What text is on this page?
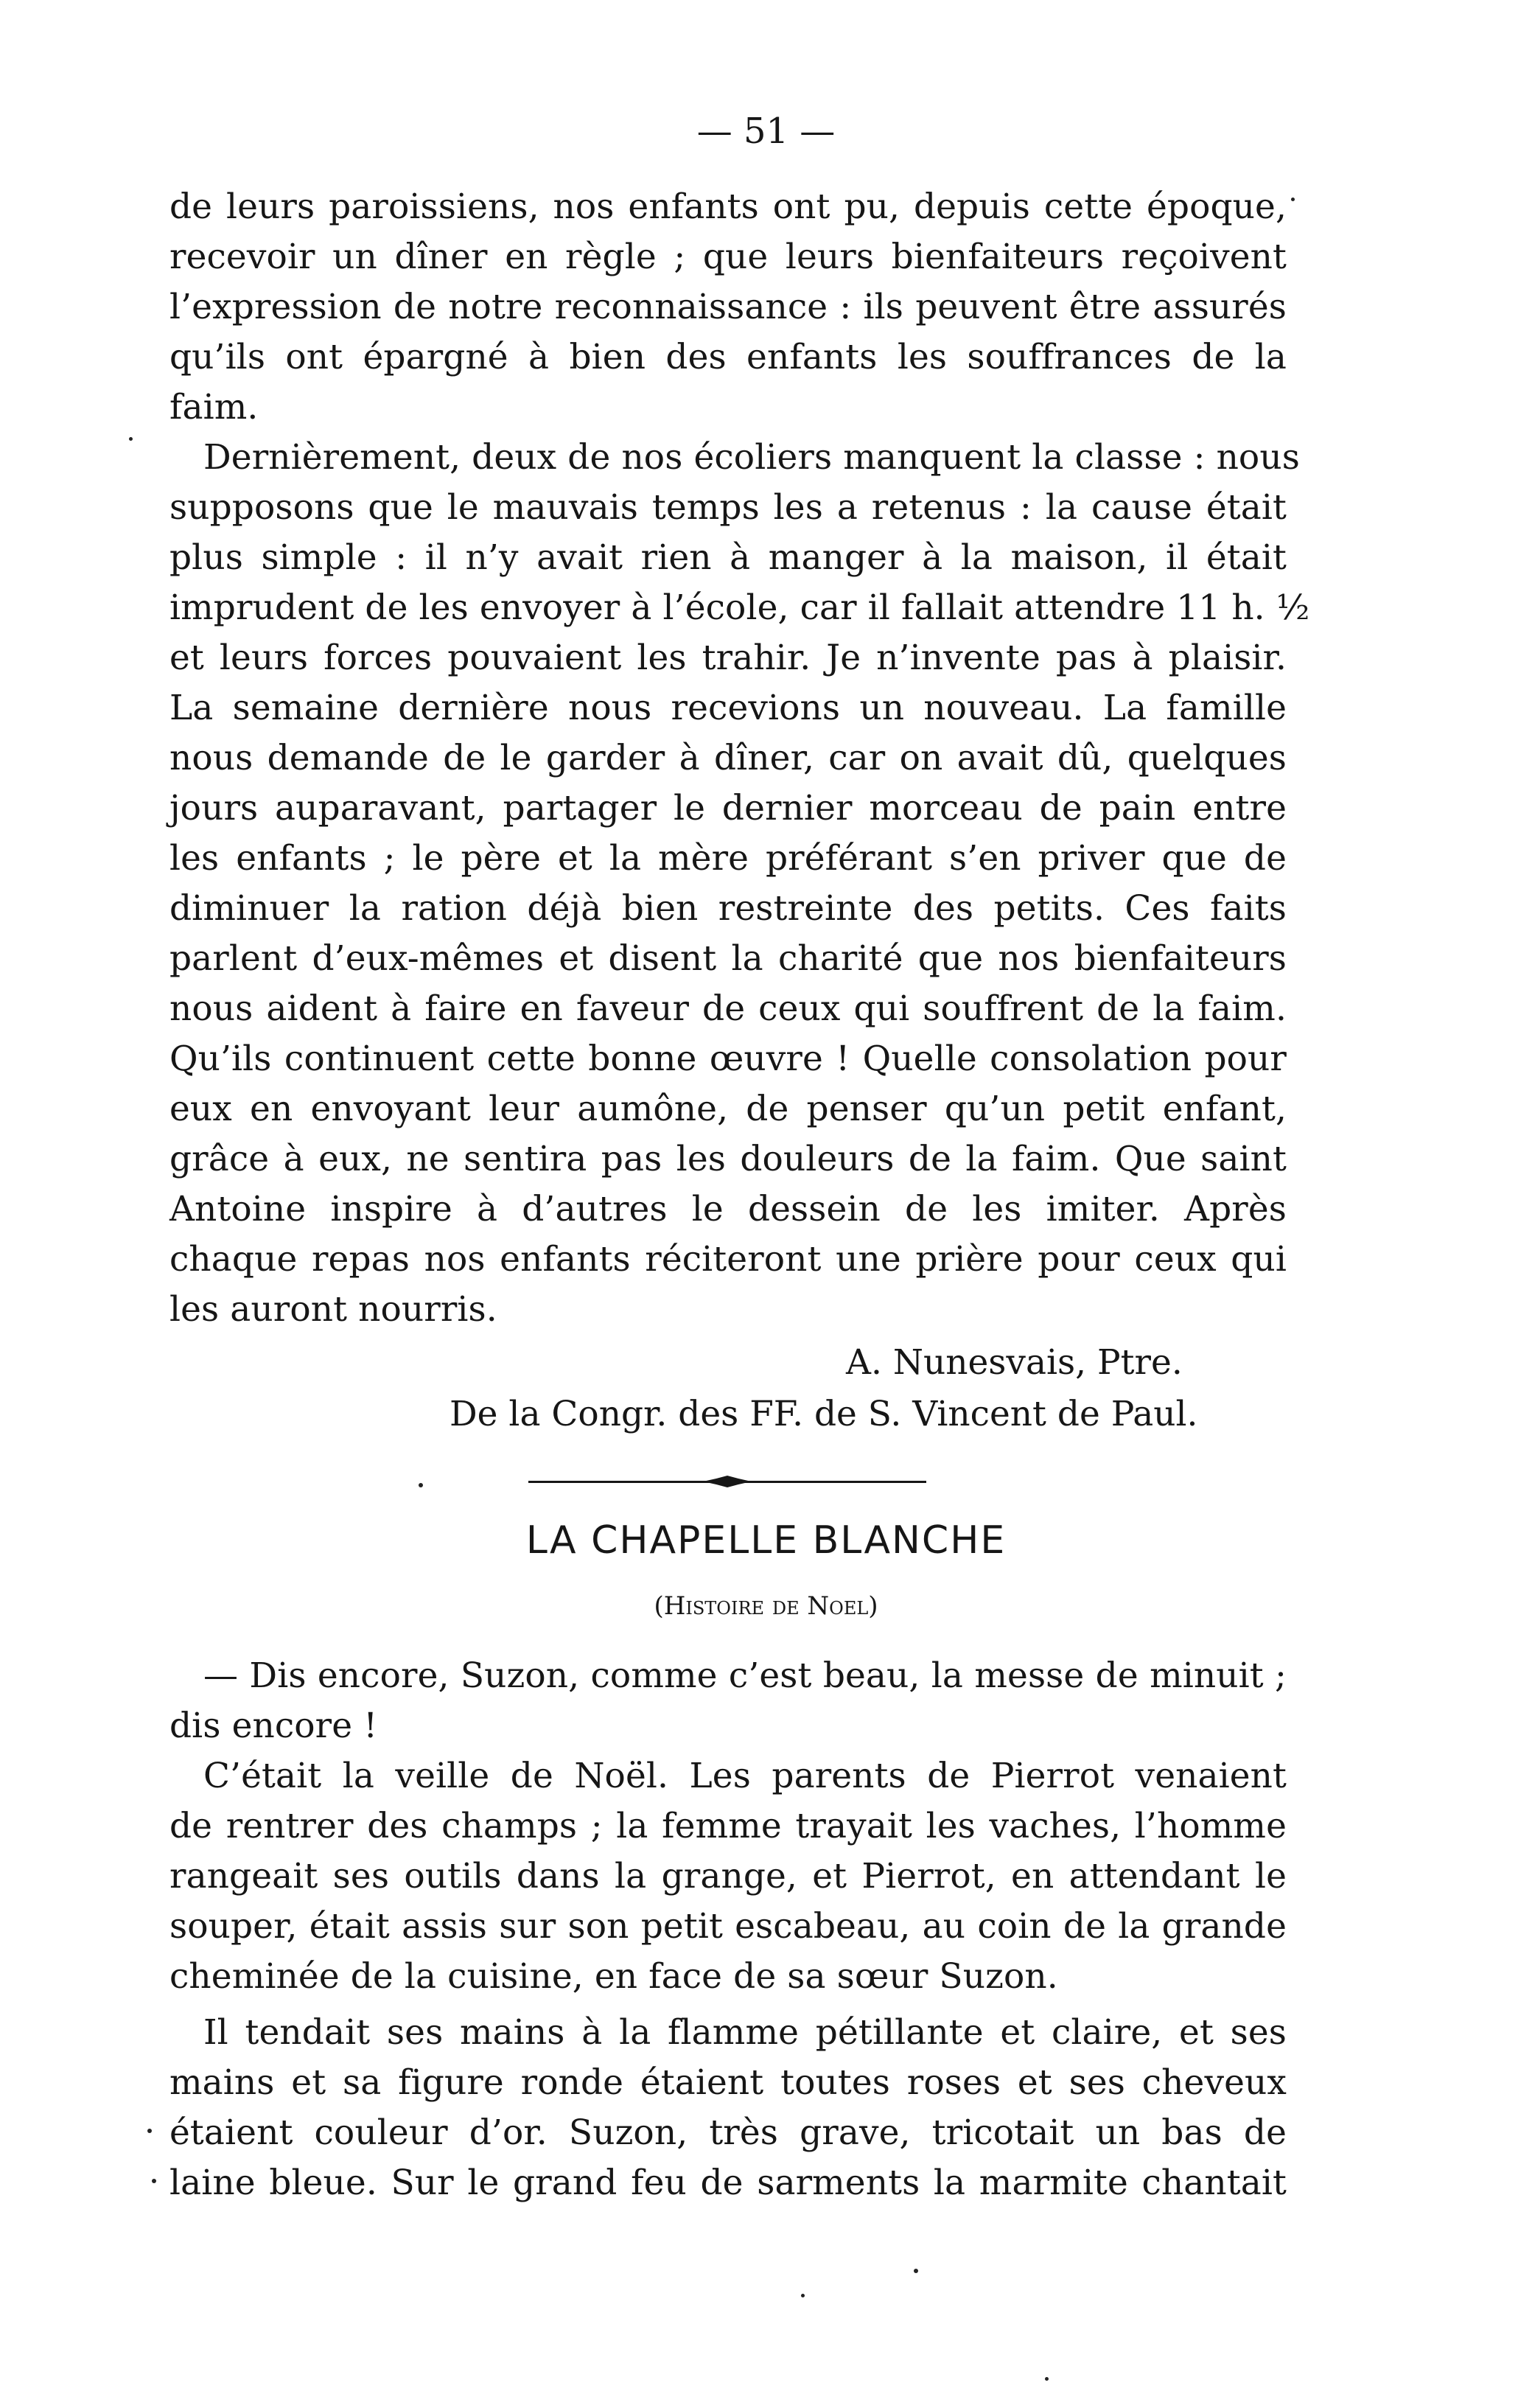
— 51 —
de leurs paroissiens, nos enfants ont pu, depuis cette époque,
recevoir un dîner en règle ; que leurs bienfaiteurs reçoivent
l’expression de notre reconnaissance : ils peuvent être assurés
qu’ils ont épargné à bien des enfants les souffrances de la
faim.
Dernièrement, deux de nos écoliers manquent la classe : nous
supposons que le mauvais temps les a retenus : la cause était
plus simple : il n’y avait rien à manger à la maison, il était
imprudent de les envoyer à l’école, car il fallait attendre 11 h. ½
et leurs forces pouvaient les trahir. Je n’invente pas à plaisir.
La semaine dernière nous recevions un nouveau. La famille
nous demande de le garder à dîner, car on avait dû, quelques
jours auparavant, partager le dernier morceau de pain entre
les enfants ; le père et la mère préférant s’en priver que de
diminuer la ration déjà bien restreinte des petits. Ces faits
parlent d’eux-mêmes et disent la charité que nos bienfaiteurs
nous aident à faire en faveur de ceux qui souffrent de la faim.
Qu’ils continuent cette bonne œuvre ! Quelle consolation pour
eux en envoyant leur aumône, de penser qu’un petit enfant,
grâce à eux, ne sentira pas les douleurs de la faim. Que saint
Antoine inspire à d’autres le dessein de les imiter. Après
chaque repas nos enfants réciteront une prière pour ceux qui
les auront nourris.
A. Nunesvais, Ptre.
De la Congr. des FF. de S. Vincent de Paul.
LA CHAPELLE BLANCHE
(Histoire de Noel)
— Dis encore, Suzon, comme c’est beau, la messe de minuit ;
dis encore !
C’était la veille de Noël. Les parents de Pierrot venaient
de rentrer des champs ; la femme trayait les vaches, l’homme
rangeait ses outils dans la grange, et Pierrot, en attendant le
souper, était assis sur son petit escabeau, au coin de la grande
cheminée de la cuisine, en face de sa sœur Suzon.
Il tendait ses mains à la flamme pétillante et claire, et ses
mains et sa figure ronde étaient toutes roses et ses cheveux
étaient couleur d’or. Suzon, très grave, tricotait un bas de
laine bleue. Sur le grand feu de sarments la marmite chantait
